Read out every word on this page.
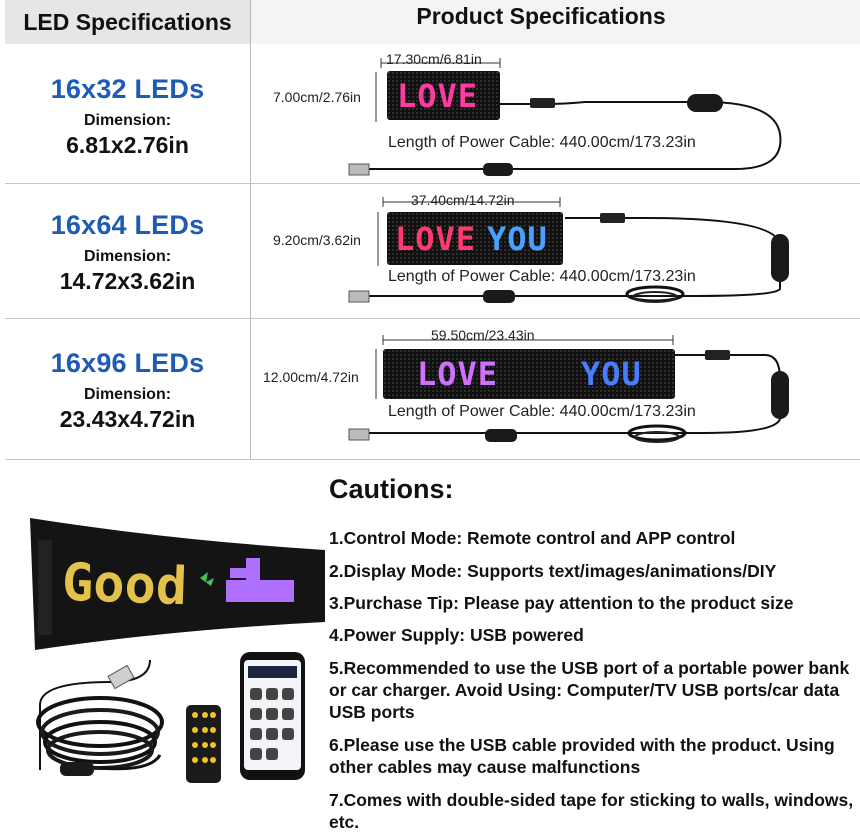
LED Specifications	Product Specifications
16x32 LEDs
Dimension:
6.81x2.76in
17.30cm/6.81in
7.00cm/2.76in LOVE
Length of Power Cable: 440.00cm/173.23in
16x64 LEDs
Dimension:
14.72x3.62in
37.40cm/14.72in
9.20cm/3.62in LOVE YOU
Length of Power Cable: 440.00cm/173.23in
16x96 LEDs
Dimension:
23.43x4.72in
59.50cm/23.43in
12.00cm/4.72in LOVE	YOU
Length of Power Cable: 440.00cm/173.23in
Good
Cautions:
1.Control Mode: Remote control and APP control
2.Display Mode: Supports text/images/animations/DIY
3.Purchase Tip: Please pay attention to the product size
4.Power Supply: USB powered
5.Recommended to use the USB port of a portable power bank or car charger. Avoid Using: Computer/TV USB ports/car data USB ports
6.Please use the USB cable provided with the product. Using other cables may cause malfunctions
7.Comes with double-sided tape for sticking to walls, windows, etc.
